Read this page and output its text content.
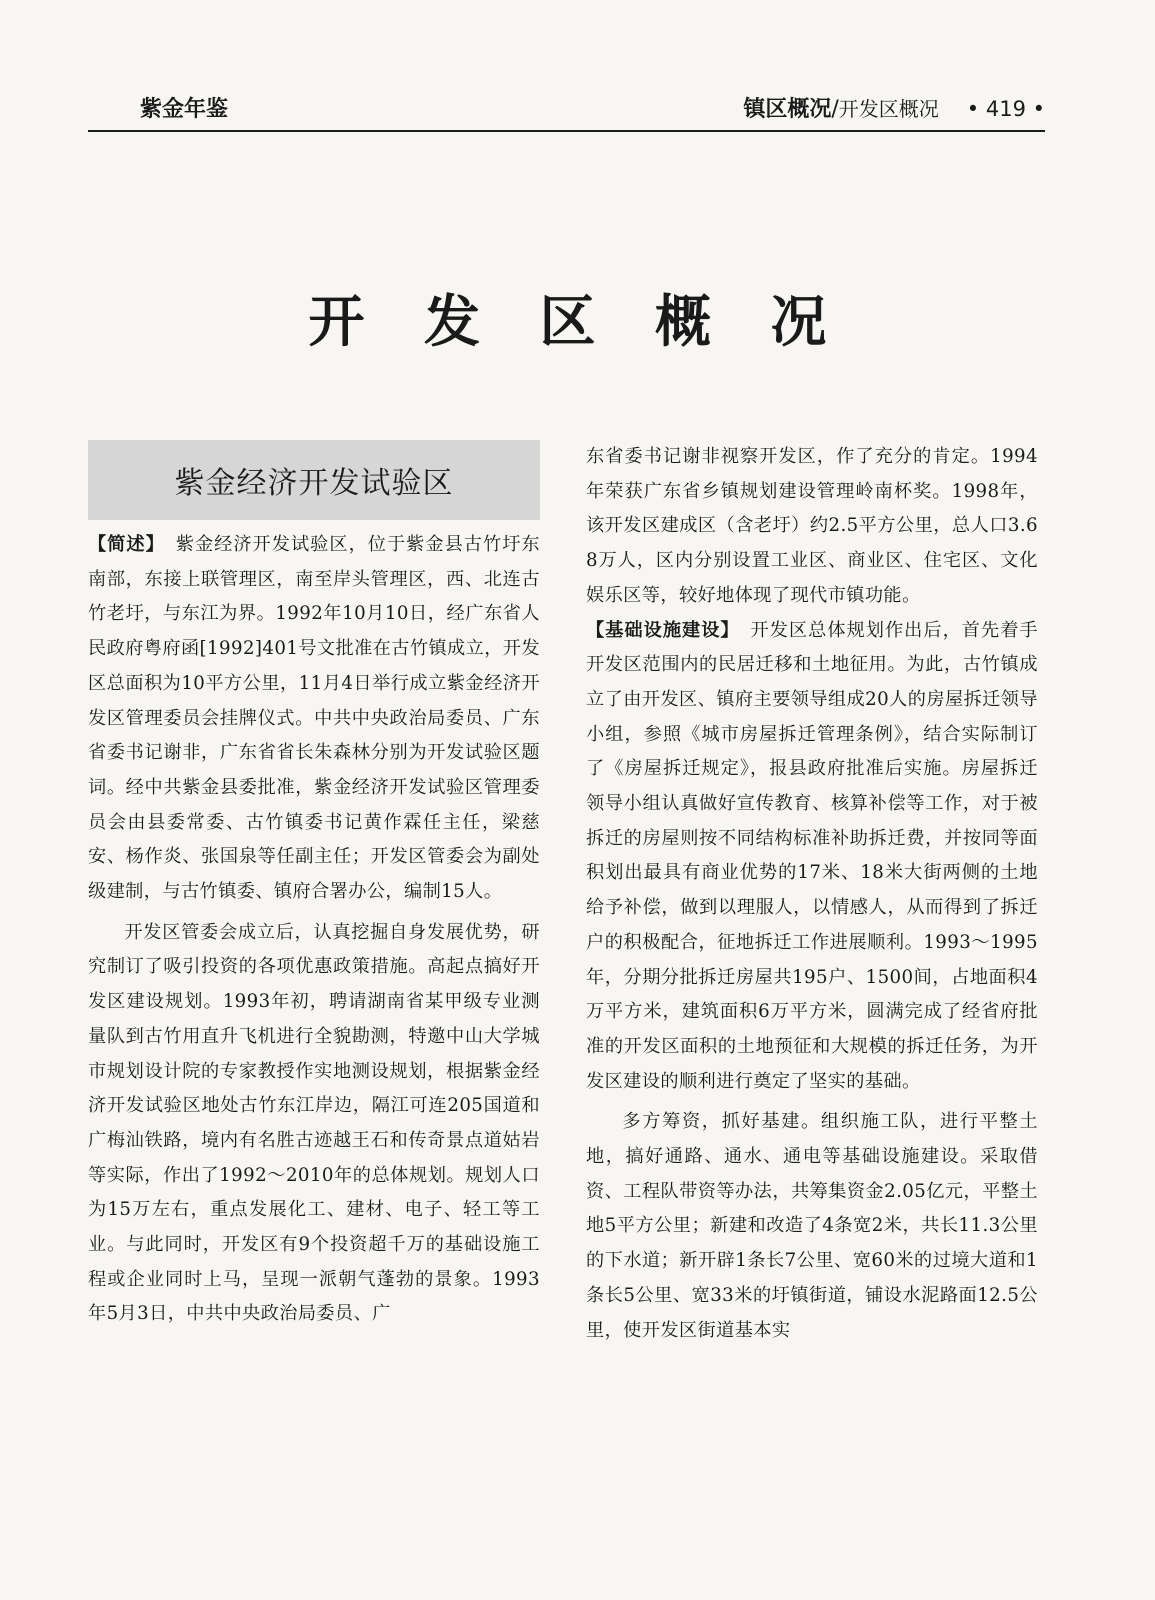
紫金年鉴	镇区概况/开发区概况 • 419 •
开 发 区 概 况
紫金经济开发试验区

【简述】 紫金经济开发试验区，位于紫金县古竹圩东南部，东接上联管理区，南至岸头管理区，西、北连古竹老圩，与东江为界。1992年10月10日，经广东省人民政府粤府函[1992]401号文批准在古竹镇成立，开发区总面积为10平方公里，11月4日举行成立紫金经济开发区管理委员会挂牌仪式。中共中央政治局委员、广东省委书记谢非，广东省省长朱森林分别为开发试验区题词。经中共紫金县委批准，紫金经济开发试验区管理委员会由县委常委、古竹镇委书记黄作霖任主任，梁慈安、杨作炎、张国泉等任副主任；开发区管委会为副处级建制，与古竹镇委、镇府合署办公，编制15人。

开发区管委会成立后，认真挖掘自身发展优势，研究制订了吸引投资的各项优惠政策措施。高起点搞好开发区建设规划。1993年初，聘请湖南省某甲级专业测量队到古竹用直升飞机进行全貌勘测，特邀中山大学城市规划设计院的专家教授作实地测设规划，根据紫金经济开发试验区地处古竹东江岸边，隔江可连205国道和广梅汕铁路，境内有名胜古迹越王石和传奇景点道姑岩等实际，作出了1992～2010年的总体规划。规划人口为15万左右，重点发展化工、建材、电子、轻工等工业。与此同时，开发区有9个投资超千万的基础设施工程或企业同时上马，呈现一派朝气蓬勃的景象。1993年5月3日，中共中央政治局委员、广

东省委书记谢非视察开发区，作了充分的肯定。1994年荣获广东省乡镇规划建设管理岭南杯奖。1998年，该开发区建成区（含老圩）约2.5平方公里，总人口3.68万人，区内分别设置工业区、商业区、住宅区、文化娱乐区等，较好地体现了现代市镇功能。

【基础设施建设】 开发区总体规划作出后，首先着手开发区范围内的民居迁移和土地征用。为此，古竹镇成立了由开发区、镇府主要领导组成20人的房屋拆迁领导小组，参照《城市房屋拆迁管理条例》，结合实际制订了《房屋拆迁规定》，报县政府批准后实施。房屋拆迁领导小组认真做好宣传教育、核算补偿等工作，对于被拆迁的房屋则按不同结构标准补助拆迁费，并按同等面积划出最具有商业优势的17米、18米大街两侧的土地给予补偿，做到以理服人，以情感人，从而得到了拆迁户的积极配合，征地拆迁工作进展顺利。1993～1995年，分期分批拆迁房屋共195户、1500间，占地面积4万平方米，建筑面积6万平方米，圆满完成了经省府批准的开发区面积的土地预征和大规模的拆迁任务，为开发区建设的顺利进行奠定了坚实的基础。

多方筹资，抓好基建。组织施工队，进行平整土地，搞好通路、通水、通电等基础设施建设。采取借资、工程队带资等办法，共筹集资金2.05亿元，平整土地5平方公里；新建和改造了4条宽2米，共长11.3公里的下水道；新开辟1条长7公里、宽60米的过境大道和1条长5公里、宽33米的圩镇街道，铺设水泥路面12.5公里，使开发区街道基本实
